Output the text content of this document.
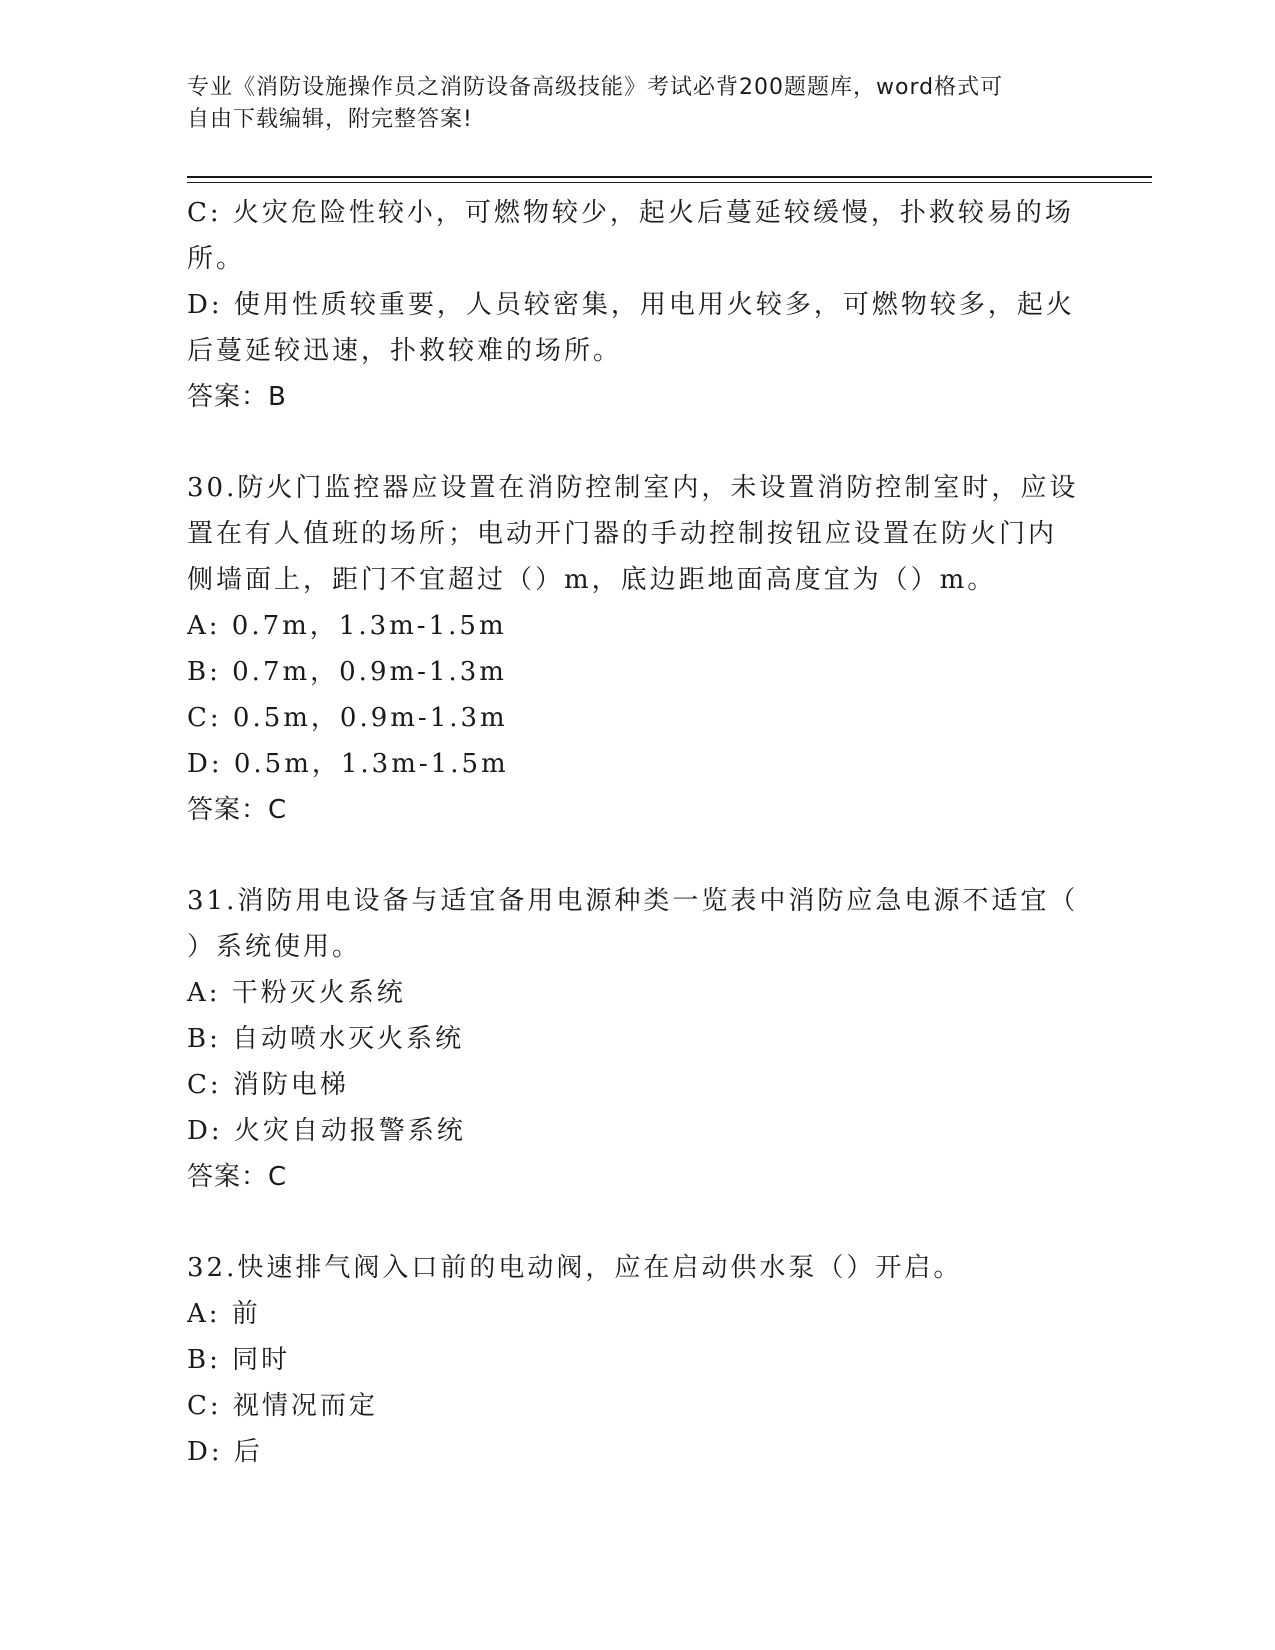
专业《消防设施操作员之消防设备高级技能》考试必背200题题库，word格式可
自由下载编辑，附完整答案!
C: 火灾危险性较小，可燃物较少，起火后蔓延较缓慢，扑救较易的场
所。
D: 使用性质较重要，人员较密集，用电用火较多，可燃物较多，起火
后蔓延较迅速，扑救较难的场所。
答案：B
30.防火门监控器应设置在消防控制室内，未设置消防控制室时，应设
置在有人值班的场所；电动开门器的手动控制按钮应设置在防火门内
侧墙面上，距门不宜超过（）m，底边距地面高度宜为（）m。
A: 0.7m，1.3m-1.5m
B: 0.7m，0.9m-1.3m
C: 0.5m，0.9m-1.3m
D: 0.5m，1.3m-1.5m
答案：C
31.消防用电设备与适宜备用电源种类一览表中消防应急电源不适宜（
）系统使用。
A: 干粉灭火系统
B: 自动喷水灭火系统
C: 消防电梯
D: 火灾自动报警系统
答案：C
32.快速排气阀入口前的电动阀，应在启动供水泵（）开启。
A: 前
B: 同时
C: 视情况而定
D: 后
